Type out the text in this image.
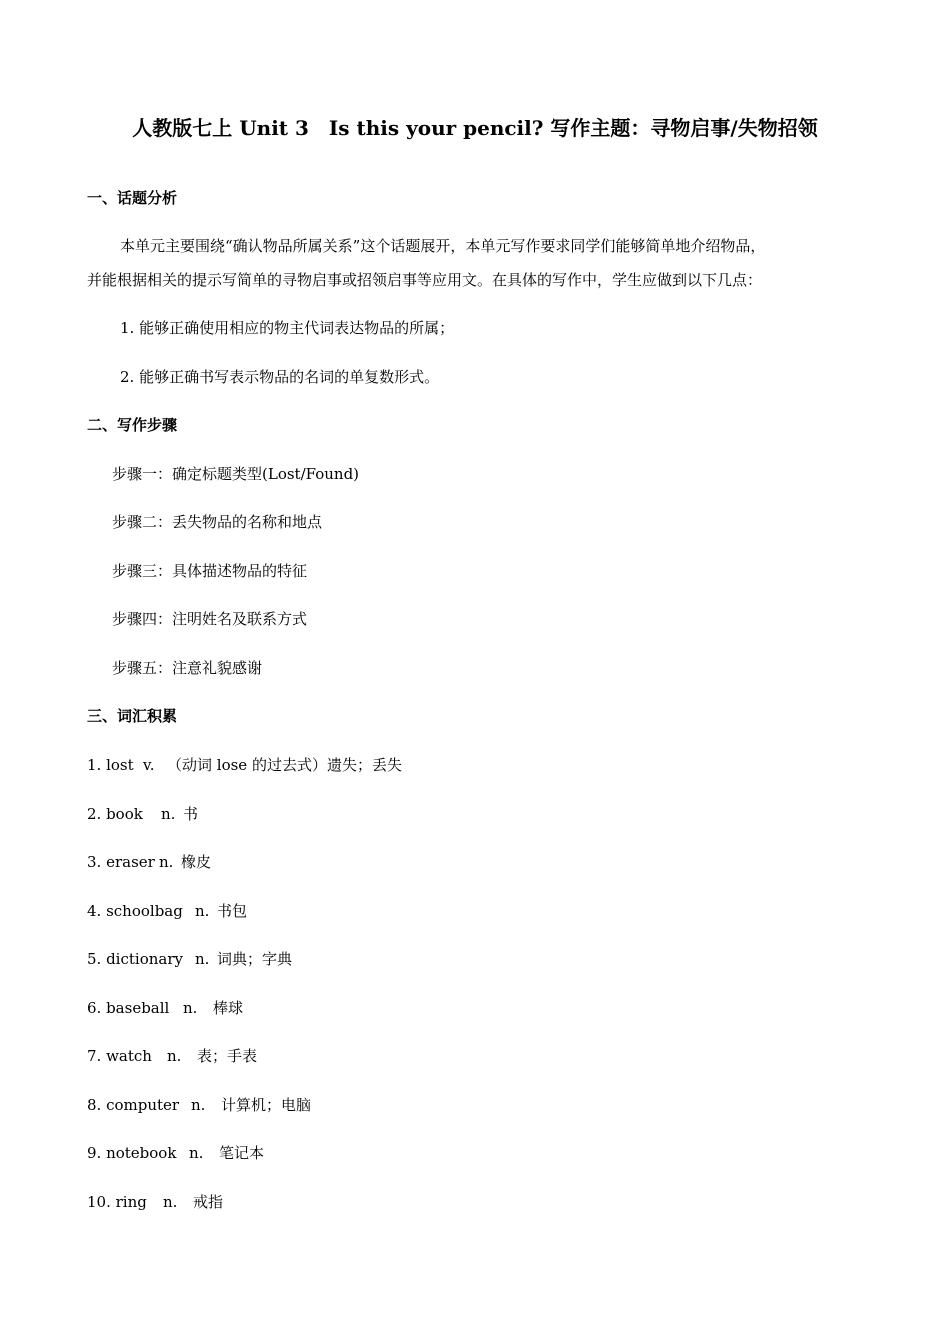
人教版七上 Unit 3　Is this your pencil? 写作主题：寻物启事/失物招领
一、话题分析
本单元主要围绕“确认物品所属关系”这个话题展开，本单元写作要求同学们能够简单地介绍物品，
并能根据相关的提示写简单的寻物启事或招领启事等应用文。在具体的写作中，学生应做到以下几点：
1. 能够正确使用相应的物主代词表达物品的所属；
2. 能够正确书写表示物品的名词的单复数形式。
二、写作步骤
步骤一：确定标题类型(Lost/Found)
步骤二：丢失物品的名称和地点
步骤三：具体描述物品的特征
步骤四：注明姓名及联系方式
步骤五：注意礼貌感谢
三、词汇积累
1. lost v. （动词 lose 的过去式）遗失；丢失
2. book n. 书
3. eraser n. 橡皮
4. schoolbag n. 书包
5. dictionary n. 词典；字典
6. baseball n. 棒球
7. watch n. 表；手表
8. computer n. 计算机；电脑
9. notebook n. 笔记本
10. ring n. 戒指
